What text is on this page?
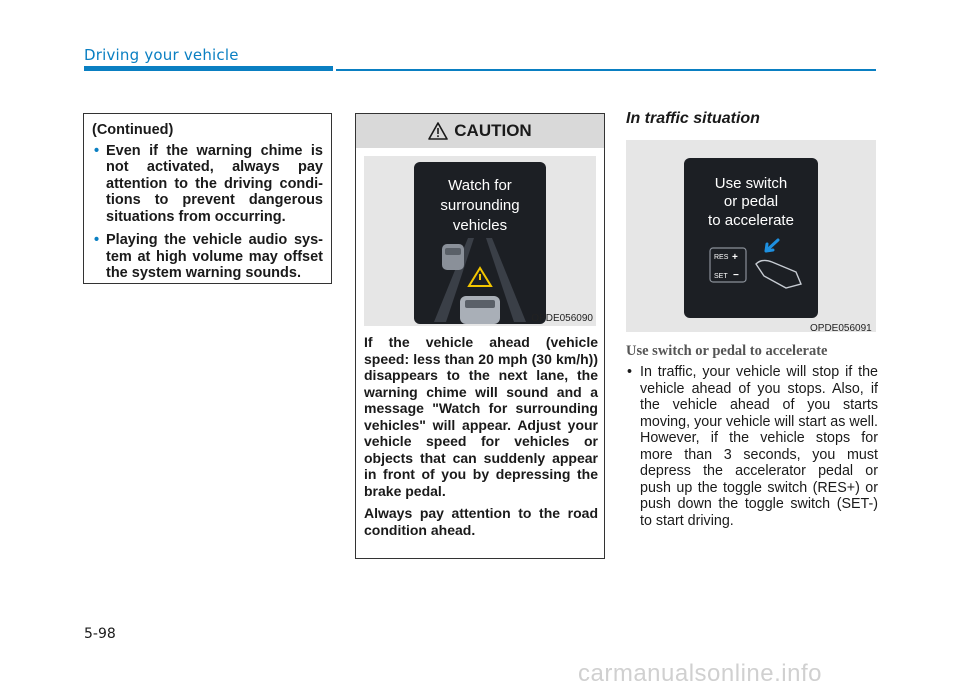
Driving your vehicle
(Continued)
• Even if the warning chime is not activated, always pay attention to the driving condi-tions to prevent dangerous situations from occurring.
• Playing the vehicle audio sys-tem at high volume may offset the system warning sounds.
CAUTION
Watch for
surrounding
vehicles
OPDE056090

If the vehicle ahead (vehicle speed: less than 20 mph (30 km/h)) disappears to the next lane, the warning chime will sound and a message "Watch for surrounding vehicles" will appear. Adjust your vehicle speed for vehicles or objects that can suddenly appear in front of you by depressing the brake pedal.

Always pay attention to the road condition ahead.

In traffic situation
Use switch
or pedal
to accelerate
RES +
SET −
OPDE056091
Use switch or pedal to accelerate
• In traffic, your vehicle will stop if the vehicle ahead of you stops. Also, if the vehicle ahead of you starts moving, your vehicle will start as well. However, if the vehicle stops for more than 3 seconds, you must depress the accelerator pedal or push up the toggle switch (RES+) or push down the toggle switch (SET-) to start driving.
5-98
carmanualsonline.info
